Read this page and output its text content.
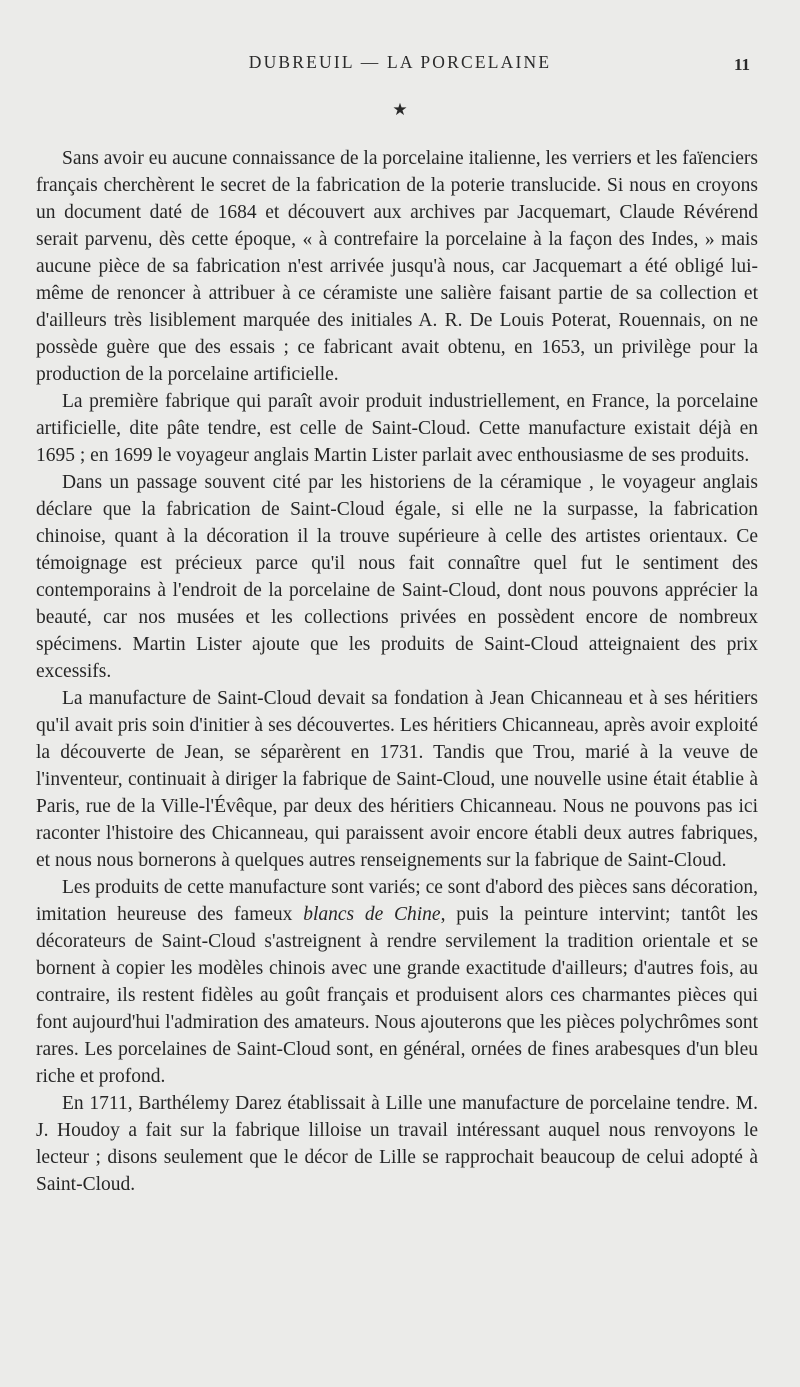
DUBREUIL — LA PORCELAINE	11
★

Sans avoir eu aucune connaissance de la porcelaine italienne, les verriers et les faïenciers français cherchèrent le secret de la fabrication de la poterie translucide. Si nous en croyons un document daté de 1684 et découvert aux archives par Jacquemart, Claude Révérend serait parvenu, dès cette époque, « à contrefaire la porcelaine à la façon des Indes, » mais aucune pièce de sa fabrication n'est arrivée jusqu'à nous, car Jacquemart a été obligé lui-même de renoncer à attribuer à ce céramiste une salière faisant partie de sa collection et d'ailleurs très lisiblement marquée des initiales A. R. De Louis Poterat, Rouennais, on ne possède guère que des essais ; ce fabricant avait obtenu, en 1653, un privilège pour la production de la porcelaine artificielle.

La première fabrique qui paraît avoir produit industriellement, en France, la porcelaine artificielle, dite pâte tendre, est celle de Saint-Cloud. Cette manufacture existait déjà en 1695 ; en 1699 le voyageur anglais Martin Lister parlait avec enthousiasme de ses produits.

Dans un passage souvent cité par les historiens de la céramique , le voyageur anglais déclare que la fabrication de Saint-Cloud égale, si elle ne la surpasse, la fabrication chinoise, quant à la décoration il la trouve supérieure à celle des artistes orientaux. Ce témoignage est précieux parce qu'il nous fait connaître quel fut le sentiment des contemporains à l'endroit de la porcelaine de Saint-Cloud, dont nous pouvons apprécier la beauté, car nos musées et les collections privées en possèdent encore de nombreux spécimens. Martin Lister ajoute que les produits de Saint-Cloud atteignaient des prix excessifs.

La manufacture de Saint-Cloud devait sa fondation à Jean Chicanneau et à ses héritiers qu'il avait pris soin d'initier à ses découvertes. Les héritiers Chicanneau, après avoir exploité la découverte de Jean, se séparèrent en 1731. Tandis que Trou, marié à la veuve de l'inventeur, continuait à diriger la fabrique de Saint-Cloud, une nouvelle usine était établie à Paris, rue de la Ville-l'Évêque, par deux des héritiers Chicanneau. Nous ne pouvons pas ici raconter l'histoire des Chicanneau, qui paraissent avoir encore établi deux autres fabriques, et nous nous bornerons à quelques autres renseignements sur la fabrique de Saint-Cloud.

Les produits de cette manufacture sont variés; ce sont d'abord des pièces sans décoration, imitation heureuse des fameux blancs de Chine, puis la peinture intervint; tantôt les décorateurs de Saint-Cloud s'astreignent à rendre servilement la tradition orientale et se bornent à copier les modèles chinois avec une grande exactitude d'ailleurs; d'autres fois, au contraire, ils restent fidèles au goût français et produisent alors ces charmantes pièces qui font aujourd'hui l'admiration des amateurs. Nous ajouterons que les pièces polychrômes sont rares. Les porcelaines de Saint-Cloud sont, en général, ornées de fines arabesques d'un bleu riche et profond.

En 1711, Barthélemy Darez établissait à Lille une manufacture de porcelaine tendre. M. J. Houdoy a fait sur la fabrique lilloise un travail intéressant auquel nous renvoyons le lecteur ; disons seulement que le décor de Lille se rapprochait beaucoup de celui adopté à Saint-Cloud.
